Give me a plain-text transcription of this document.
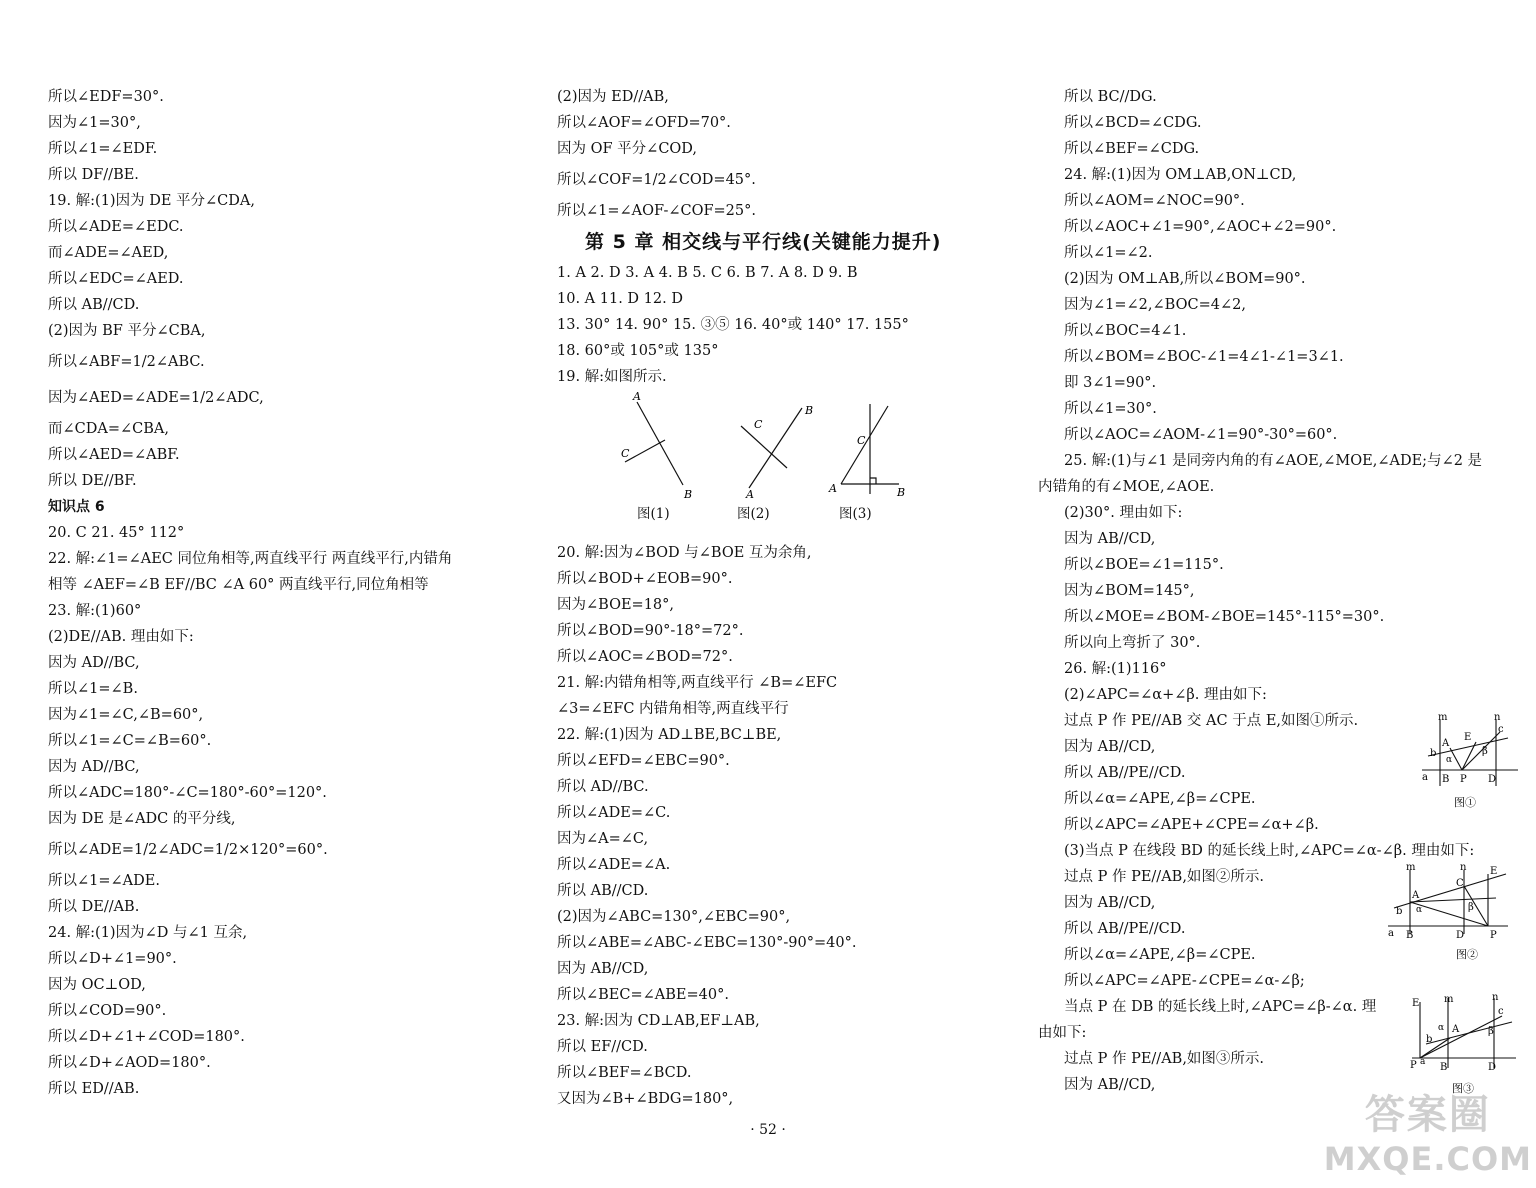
所以∠EDF=30°.
因为∠1=30°,
所以∠1=∠EDF.
所以 DF//BE.
19. 解:(1)因为 DE 平分∠CDA,
所以∠ADE=∠EDC.
而∠ADE=∠AED,
所以∠EDC=∠AED.
所以 AB//CD.
(2)因为 BF 平分∠CBA,
所以∠ABF=1/2∠ABC.
因为∠AED=∠ADE=1/2∠ADC,
而∠CDA=∠CBA,
所以∠AED=∠ABF.
所以 DE//BF.
知识点 6
20. C 21. 45° 112°
22. 解:∠1=∠AEC 同位角相等,两直线平行 两直线平行,内错角
相等 ∠AEF=∠B EF//BC ∠A 60° 两直线平行,同位角相等
23. 解:(1)60°
(2)DE//AB. 理由如下:
因为 AD//BC,
所以∠1=∠B.
因为∠1=∠C,∠B=60°,
所以∠1=∠C=∠B=60°.
因为 AD//BC,
所以∠ADC=180°-∠C=180°-60°=120°.
因为 DE 是∠ADC 的平分线,
所以∠ADE=1/2∠ADC=1/2×120°=60°.
所以∠1=∠ADE.
所以 DE//AB.
24. 解:(1)因为∠D 与∠1 互余,
所以∠D+∠1=90°.
因为 OC⊥OD,
所以∠COD=90°.
所以∠D+∠1+∠COD=180°.
所以∠D+∠AOD=180°.
所以 ED//AB.
(2)因为 ED//AB,
所以∠AOF=∠OFD=70°.
因为 OF 平分∠COD,
所以∠COF=1/2∠COD=45°.
所以∠1=∠AOF-∠COF=25°.
第 5 章 相交线与平行线(关键能力提升)
1. A 2. D 3. A 4. B 5. C 6. B 7. A 8. D 9. B
10. A 11. D 12. D
13. 30° 14. 90° 15. ③⑤ 16. 40°或 140° 17. 155°
18. 60°或 105°或 135°
19. 解:如图所示.
A
C
B
C
B
A
C
A	B
图(1)	图(2)	图(3)
20. 解:因为∠BOD 与∠BOE 互为余角,
所以∠BOD+∠EOB=90°.
因为∠BOE=18°,
所以∠BOD=90°-18°=72°.
所以∠AOC=∠BOD=72°.
21. 解:内错角相等,两直线平行 ∠B=∠EFC
∠3=∠EFC 内错角相等,两直线平行
22. 解:(1)因为 AD⊥BE,BC⊥BE,
所以∠EFD=∠EBC=90°.
所以 AD//BC.
所以∠ADE=∠C.
因为∠A=∠C,
所以∠ADE=∠A.
所以 AB//CD.
(2)因为∠ABC=130°,∠EBC=90°,
所以∠ABE=∠ABC-∠EBC=130°-90°=40°.
因为 AB//CD,
所以∠BEC=∠ABE=40°.
23. 解:因为 CD⊥AB,EF⊥AB,
所以 EF//CD.
所以∠BEF=∠BCD.
又因为∠B+∠BDG=180°,
所以 BC//DG.
所以∠BCD=∠CDG.
所以∠BEF=∠CDG.
24. 解:(1)因为 OM⊥AB,ON⊥CD,
所以∠AOM=∠NOC=90°.
所以∠AOC+∠1=90°,∠AOC+∠2=90°.
所以∠1=∠2.
(2)因为 OM⊥AB,所以∠BOM=90°.
因为∠1=∠2,∠BOC=4∠2,
所以∠BOC=4∠1.
所以∠BOM=∠BOC-∠1=4∠1-∠1=3∠1.
即 3∠1=90°.
所以∠1=30°.
所以∠AOC=∠AOM-∠1=90°-30°=60°.
25. 解:(1)与∠1 是同旁内角的有∠AOE,∠MOE,∠ADE;与∠2 是
内错角的有∠MOE,∠AOE.
(2)30°. 理由如下:
因为 AB//CD,
所以∠BOE=∠1=115°.
因为∠BOM=145°,
所以∠MOE=∠BOM-∠BOE=145°-115°=30°.
所以向上弯折了 30°.
26. 解:(1)116°
(2)∠APC=∠α+∠β. 理由如下:
过点 P 作 PE//AB 交 AC 于点 E,如图①所示.
因为 AB//CD,
所以 AB//PE//CD.
所以∠α=∠APE,∠β=∠CPE.
所以∠APC=∠APE+∠CPE=∠α+∠β.
(3)当点 P 在线段 BD 的延长线上时,∠APC=∠α-∠β. 理由如下:
过点 P 作 PE//AB,如图②所示.
因为 AB//CD,
所以 AB//PE//CD.
所以∠α=∠APE,∠β=∠CPE.
所以∠APC=∠APE-∠CPE=∠α-∠β;
当点 P 在 DB 的延长线上时,∠APC=∠β-∠α. 理
由如下:
过点 P 作 PE//AB,如图③所示.
因为 AB//CD,
m	n
c
A
E
b	β
α
a B P D
图①
m	n E
C
A
β
b α
a B	D	P
图②
E m	n
c
α A
b
β
P a B	D
图③
· 52 ·	答案圈
MXQE.COM
